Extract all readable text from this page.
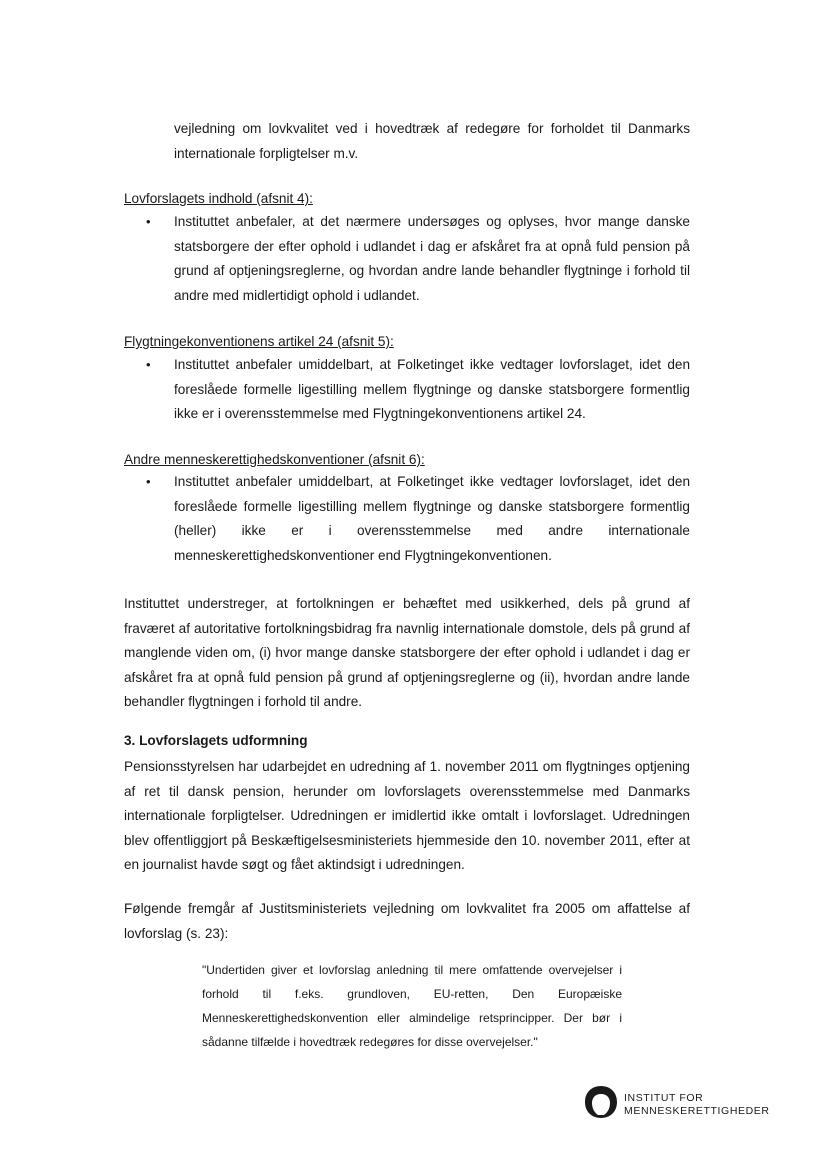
vejledning om lovkvalitet ved i hovedtræk af redegøre for forholdet til Danmarks internationale forpligtelser m.v.

Lovforslagets indhold (afsnit 4):

• Instituttet anbefaler, at det nærmere undersøges og oplyses, hvor mange danske statsborgere der efter ophold i udlandet i dag er afskåret fra at opnå fuld pension på grund af optjeningsreglerne, og hvordan andre lande behandler flygtninge i forhold til andre med midlertidigt ophold i udlandet.

Flygtningekonventionens artikel 24 (afsnit 5):

• Instituttet anbefaler umiddelbart, at Folketinget ikke vedtager lovforslaget, idet den foreslåede formelle ligestilling mellem flygtninge og danske statsborgere formentlig ikke er i overensstemmelse med Flygtningekonventionens artikel 24.

Andre menneskerettighedskonventioner (afsnit 6):

• Instituttet anbefaler umiddelbart, at Folketinget ikke vedtager lovforslaget, idet den foreslåede formelle ligestilling mellem flygtninge og danske statsborgere formentlig (heller) ikke er i overensstemmelse med andre internationale menneskerettighedskonventioner end Flygtningekonventionen.

Instituttet understreger, at fortolkningen er behæftet med usikkerhed, dels på grund af fraværet af autoritative fortolkningsbidrag fra navnlig internationale domstole, dels på grund af manglende viden om, (i) hvor mange danske statsborgere der efter ophold i udlandet i dag er afskåret fra at opnå fuld pension på grund af optjeningsreglerne og (ii), hvordan andre lande behandler flygtningen i forhold til andre.

3. Lovforslagets udformning

Pensionsstyrelsen har udarbejdet en udredning af 1. november 2011 om flygtninges optjening af ret til dansk pension, herunder om lovforslagets overensstemmelse med Danmarks internationale forpligtelser. Udredningen er imidlertid ikke omtalt i lovforslaget. Udredningen blev offentliggjort på Beskæftigelsesministeriets hjemmeside den 10. november 2011, efter at en journalist havde søgt og fået aktindsigt i udredningen.

Følgende fremgår af Justitsministeriets vejledning om lovkvalitet fra 2005 om affattelse af lovforslag (s. 23):

"Undertiden giver et lovforslag anledning til mere omfattende overvejelser i forhold til f.eks. grundloven, EU-retten, Den Europæiske Menneskerettighedskonvention eller almindelige retsprincipper. Der bør i sådanne tilfælde i hovedtræk redegøres for disse overvejelser."

INSTITUT FOR
MENNESKERETTIGHEDER
